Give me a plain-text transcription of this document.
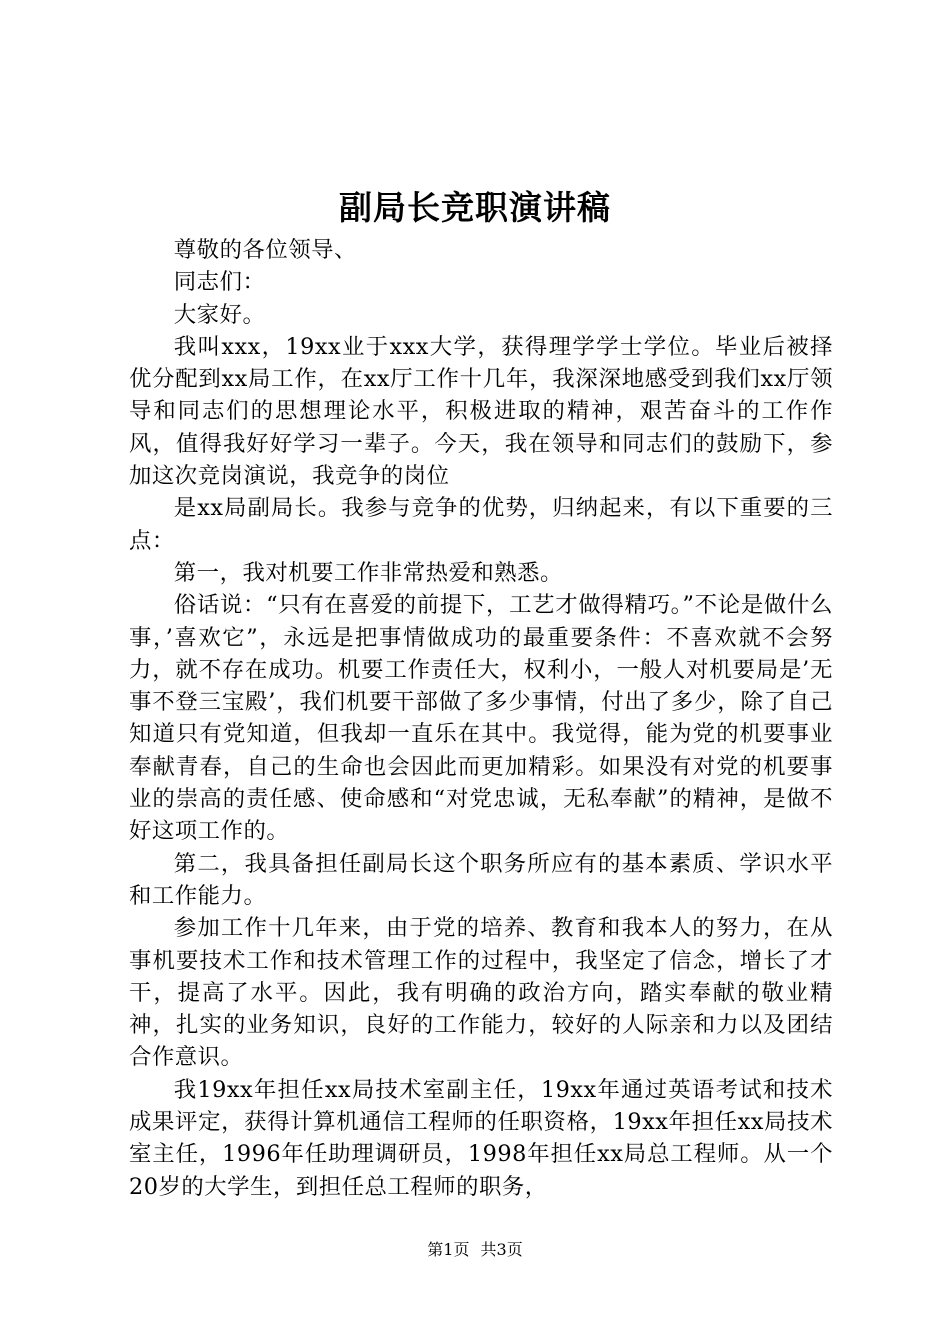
副局长竞职演讲稿

尊敬的各位领导、

同志们：

大家好。

我叫xxx，19xx业于xxx大学，获得理学学士学位。毕业后被择优分配到xx局工作，在xx厅工作十几年，我深深地感受到我们xx厅领导和同志们的思想理论水平，积极进取的精神，艰苦奋斗的工作作风，值得我好好学习一辈子。今天，我在领导和同志们的鼓励下，参加这次竞岗演说，我竞争的岗位

是xx局副局长。我参与竞争的优势，归纳起来，有以下重要的三点：

第一，我对机要工作非常热爱和熟悉。

俗话说：“只有在喜爱的前提下，工艺才做得精巧。”不论是做什么事，’喜欢它”，永远是把事情做成功的最重要条件：不喜欢就不会努力，就不存在成功。机要工作责任大，权利小，一般人对机要局是’无事不登三宝殿’，我们机要干部做了多少事情，付出了多少，除了自己知道只有党知道，但我却一直乐在其中。我觉得，能为党的机要事业奉献青春，自己的生命也会因此而更加精彩。如果没有对党的机要事业的崇高的责任感、使命感和“对党忠诚，无私奉献”的精神，是做不好这项工作的。

第二，我具备担任副局长这个职务所应有的基本素质、学识水平和工作能力。

参加工作十几年来，由于党的培养、教育和我本人的努力，在从事机要技术工作和技术管理工作的过程中，我坚定了信念，增长了才干，提高了水平。因此，我有明确的政治方向，踏实奉献的敬业精神，扎实的业务知识，良好的工作能力，较好的人际亲和力以及团结合作意识。

我19xx年担任xx局技术室副主任，19xx年通过英语考试和技术成果评定，获得计算机通信工程师的任职资格，19xx年担任xx局技术室主任，1996年任助理调研员，1998年担任xx局总工程师。从一个20岁的大学生，到担任总工程师的职务，

第1页 共3页
